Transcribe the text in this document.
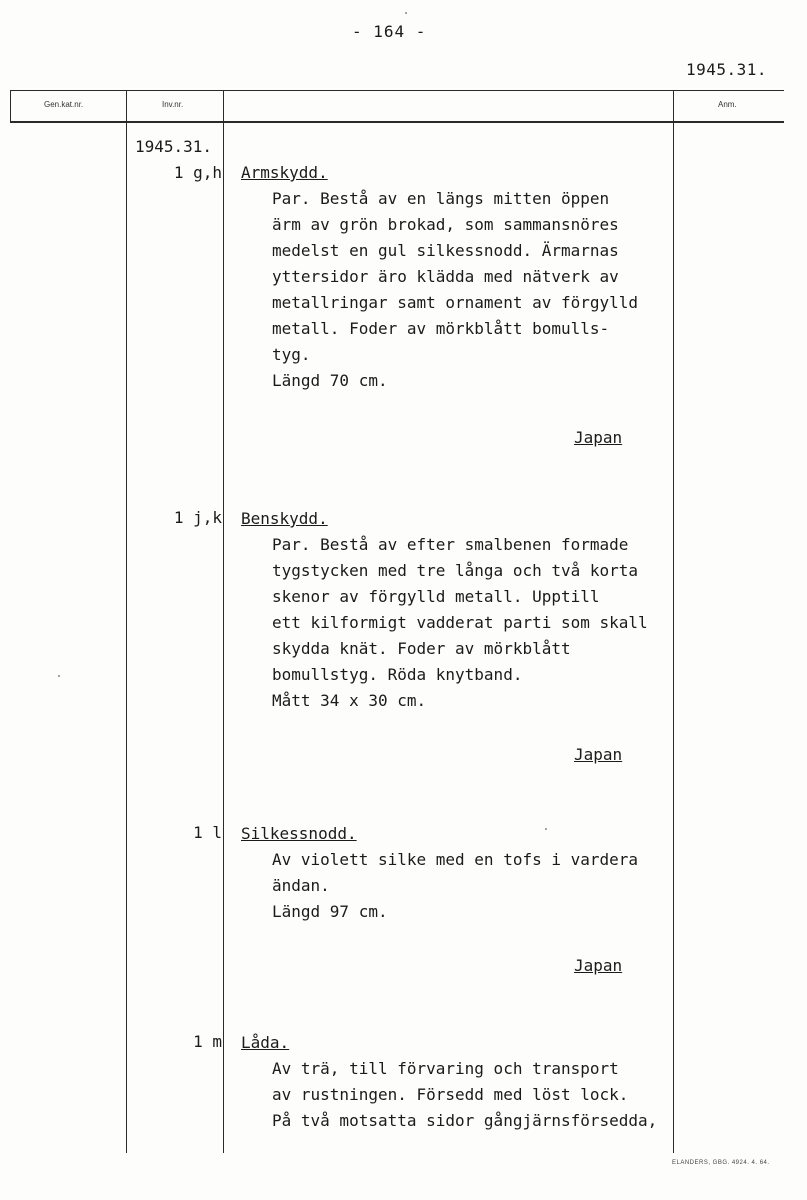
- 164 -
1945.31.
Gen.kat.nr.	Inv.nr.	Anm.
1945.31.
1 g,h Armskydd.
Par. Bestå av en längs mitten öppen
ärm av grön brokad, som sammansnöres
medelst en gul silkessnodd. Ärmarnas
yttersidor äro klädda med nätverk av
metallringar samt ornament av förgylld
metall. Foder av mörkblått bomulls-
tyg.
Längd 70 cm.
Japan
1 j,k Benskydd.
Par. Bestå av efter smalbenen formade
tygstycken med tre långa och två korta
skenor av förgylld metall. Upptill
ett kilformigt vadderat parti som skall
skydda knät. Foder av mörkblått
bomullstyg. Röda knytband.
Mått 34 x 30 cm.
Japan
1 l Silkessnodd.
Av violett silke med en tofs i vardera
ändan.
Längd 97 cm.
Japan
1 m Låda.
Av trä, till förvaring och transport
av rustningen. Försedd med löst lock.
På två motsatta sidor gångjärnsförsedda,
ELANDERS, GBG. 4924. 4. 64.
